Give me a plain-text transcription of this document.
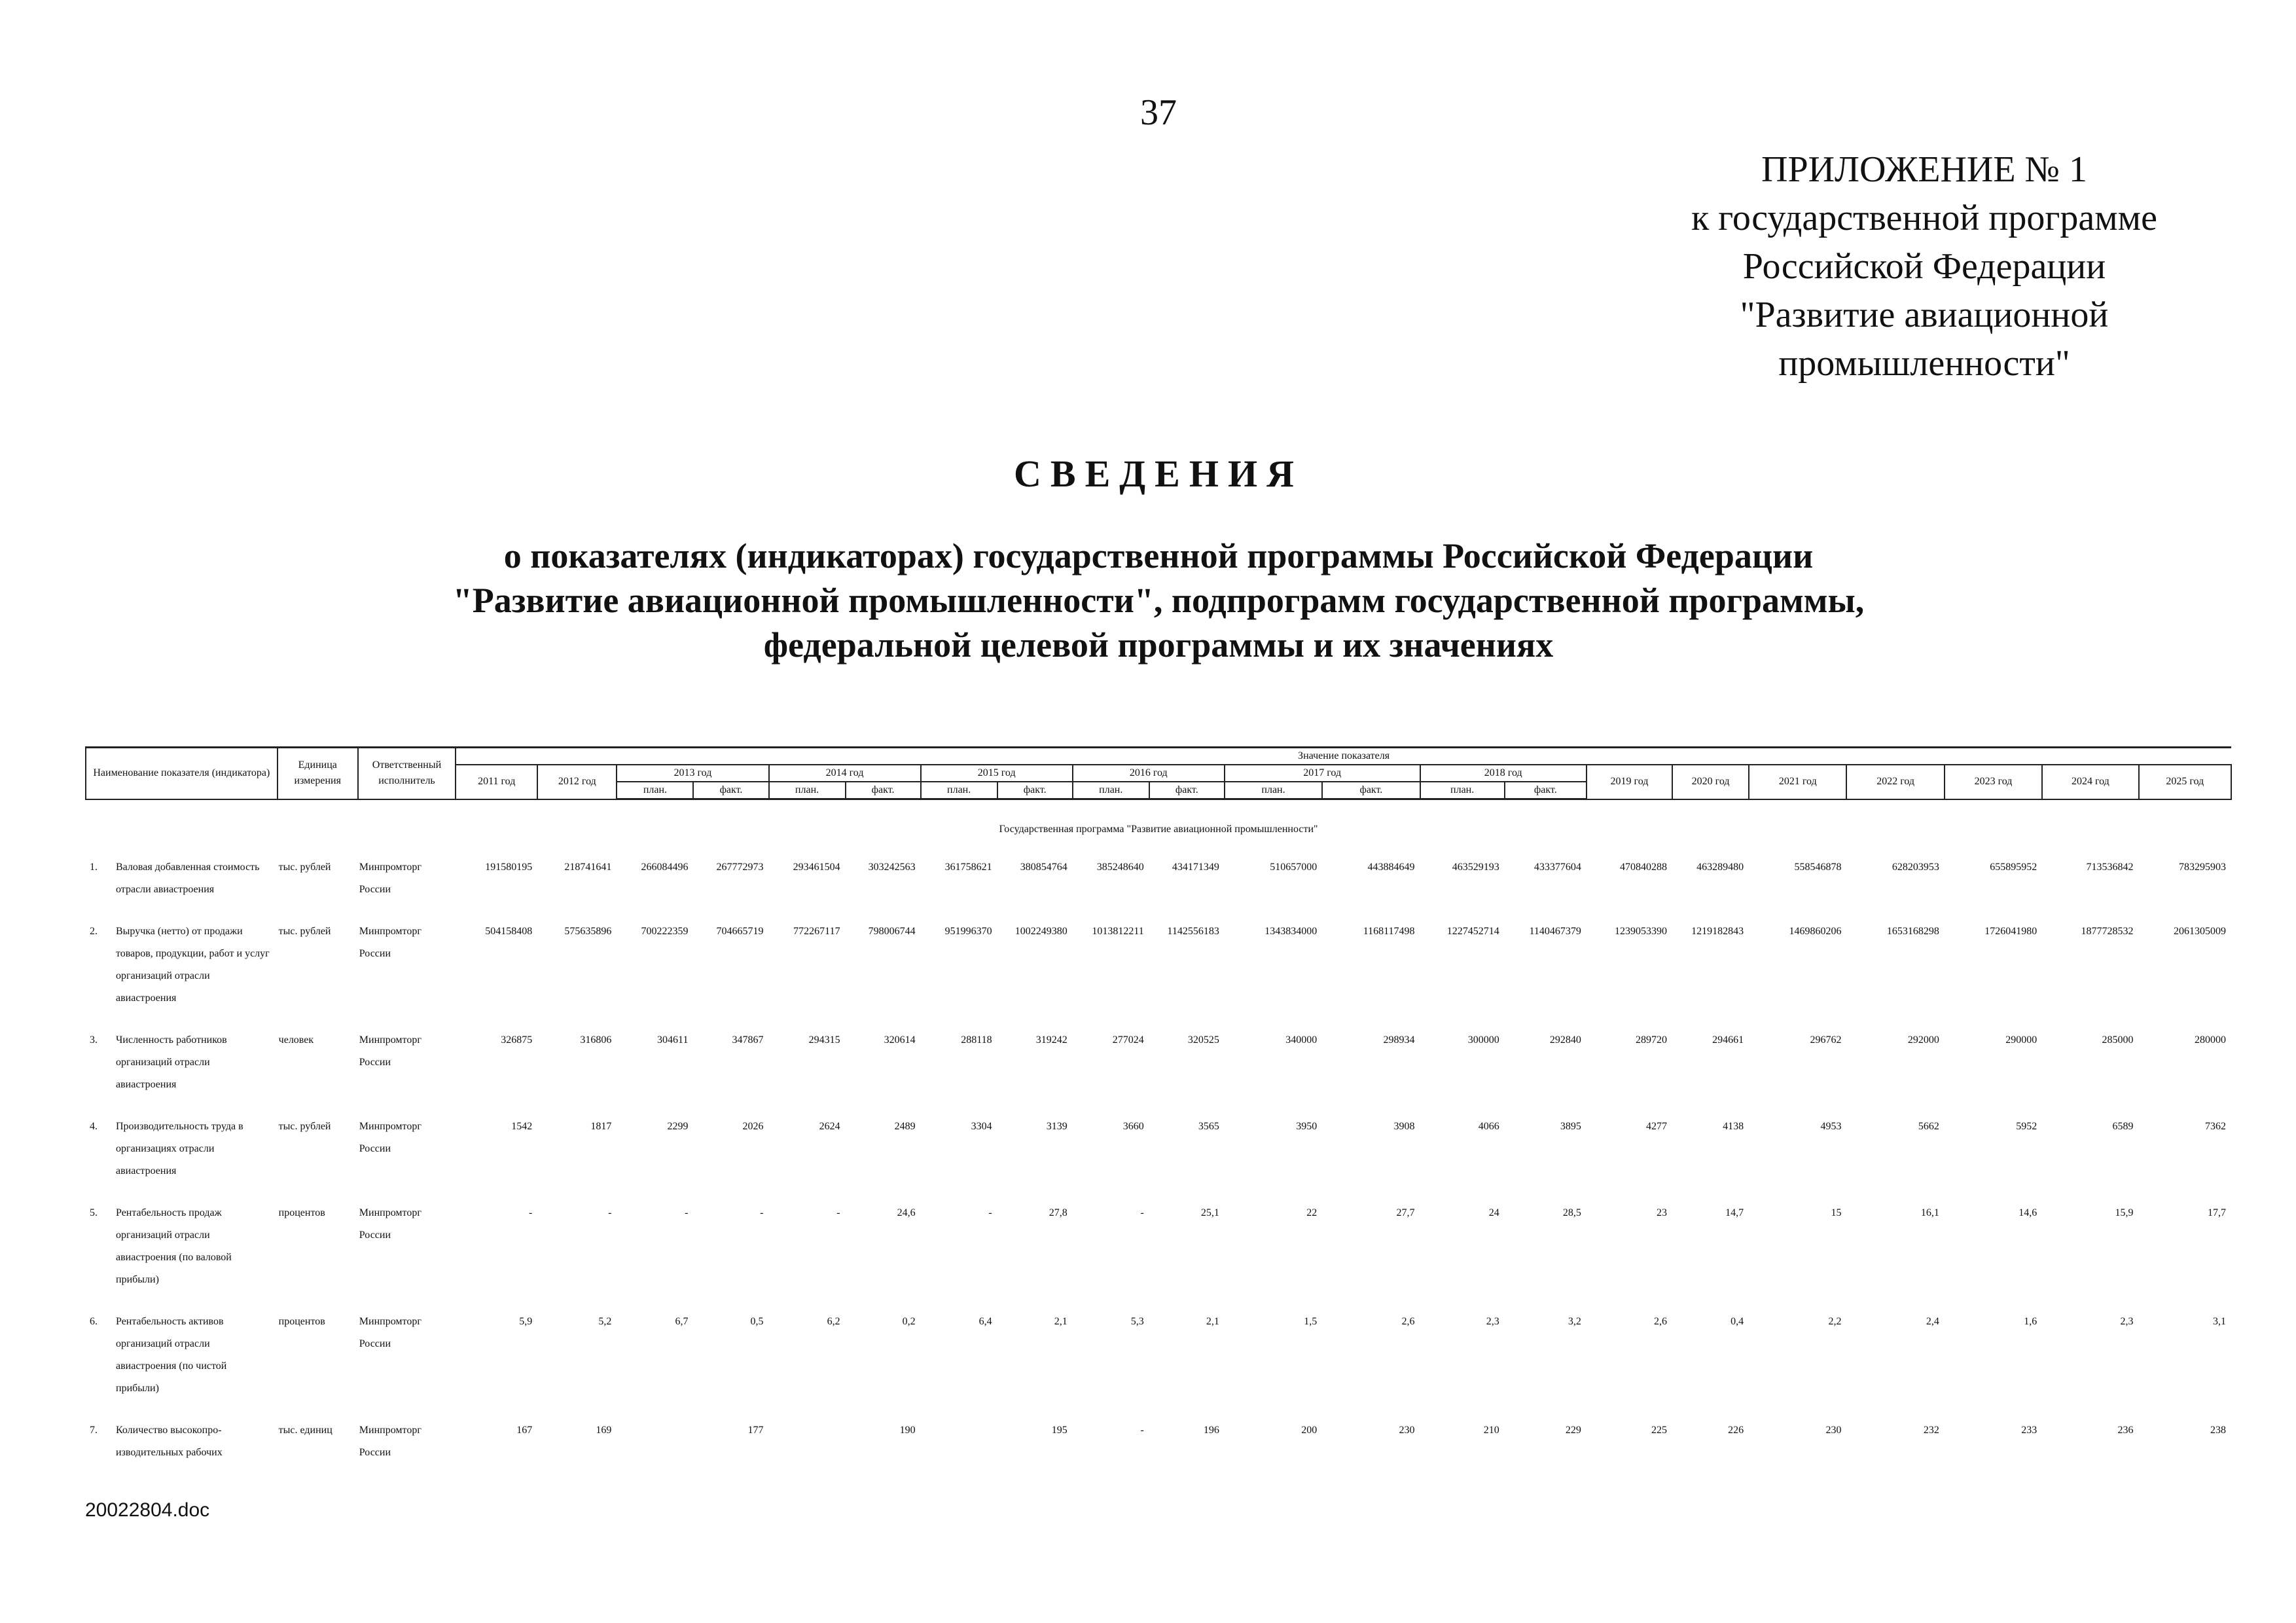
37
ПРИЛОЖЕНИЕ № 1
к государственной программе
Российской Федерации
"Развитие авиационной
промышленности"
СВЕДЕНИЯ
о показателях (индикаторах) государственной программы Российской Федерации
"Развитие авиационной промышленности", подпрограмм государственной программы,
федеральной целевой программы и их значениях
Наименование показателя (индикатора)	Единица измерения	Ответственный исполнитель	Значение показателя																				
			2011 год	2012 год	2013 год		2014 год		2015 год		2016 год		2017 год		2018 год		2019 год	2020 год	2021 год	2022 год	2023 год	2024 год	2025 год
					план.	факт.	план.	факт.	план.	факт.	план.	факт.	план.	факт.	план.	факт.							
Государственная программа "Развитие авиационной промышленности"																							
1. Валовая добавленная стоимость отрасли авиастроения	тыс. рублей	Минпромторг России	191580195	218741641	266084496	267772973	293461504	303242563	361758621	380854764	385248640	434171349	510657000	443884649	463529193	433377604	470840288	463289480	558546878	628203953	655895952	713536842	783295903
2. Выручка (нетто) от продажи товаров, продукции, работ и услуг организаций отрасли авиастроения	тыс. рублей	Минпромторг России	504158408	575635896	700222359	704665719	772267117	798006744	951996370	1002249380	1013812211	1142556183	1343834000	1168117498	1227452714	1140467379	1239053390	1219182843	1469860206	1653168298	1726041980	1877728532	2061305009
3. Численность работников организаций отрасли авиастроения	человек	Минпромторг России	326875	316806	304611	347867	294315	320614	288118	319242	277024	320525	340000	298934	300000	292840	289720	294661	296762	292000	290000	285000	280000
4. Производительность труда в организациях отрасли авиастроения	тыс. рублей	Минпромторг России	1542	1817	2299	2026	2624	2489	3304	3139	3660	3565	3950	3908	4066	3895	4277	4138	4953	5662	5952	6589	7362
5. Рентабельность продаж организаций отрасли авиастроения (по валовой прибыли)	процентов	Минпромторг России	-	-	-	-	-	24,6	-	27,8	-	25,1	22	27,7	24	28,5	23	14,7	15	16,1	14,6	15,9	17,7
6. Рентабельность активов организаций отрасли авиастроения (по чистой прибыли)	процентов	Минпромторг России	5,9	5,2	6,7	0,5	6,2	0,2	6,4	2,1	5,3	2,1	1,5	2,6	2,3	3,2	2,6	0,4	2,2	2,4	1,6	2,3	3,1
7. Количество высокопро-изводительных рабочих	тыс. единиц	Минпромторг России	167	169		177		190		195	-	196	200	230	210	229	225	226	230	232	233	236	238
20022804.doc
